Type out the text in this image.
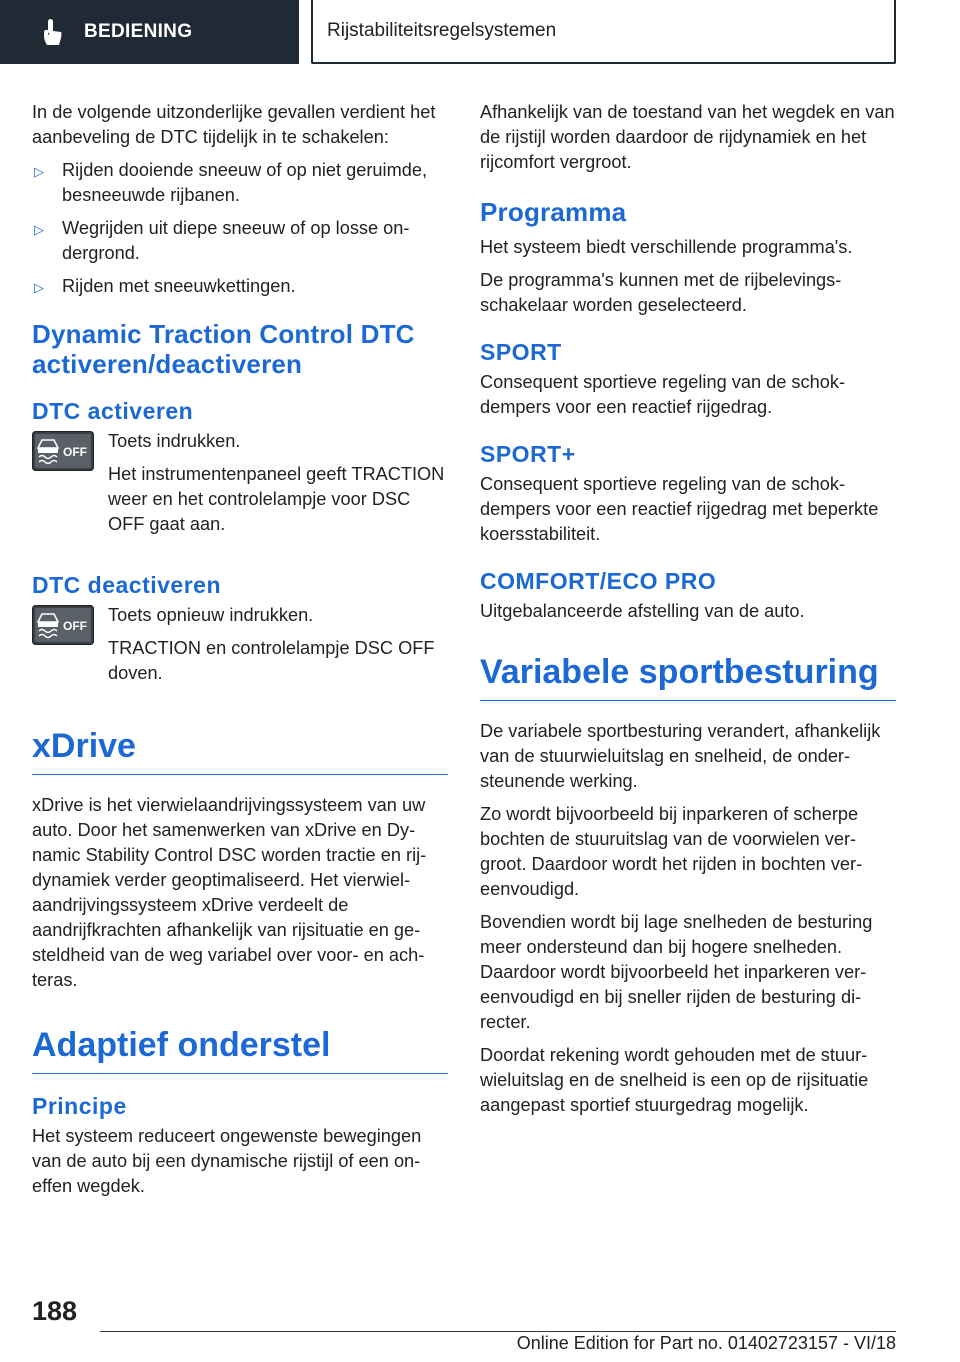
BEDIENING	Rijstabiliteitsregelsystemen

In de volgende uitzonderlijke gevallen verdient het aanbeveling de DTC tijdelijk in te schakelen:

▷ Rijden dooiende sneeuw of op niet geruimde, besneeuwde rijbanen.
▷ Wegrijden uit diepe sneeuw of op losse ondergrond.
▷ Rijden met sneeuwkettingen.
Dynamic Traction Control DTC activeren/deactiveren
DTC activeren
OFF

Toets indrukken.

Het instrumentenpaneel geeft TRACTION weer en het controlelampje voor DSC OFF gaat aan.

DTC deactiveren
OFF

Toets opnieuw indrukken.

TRACTION en controlelampje DSC OFF doven.

xDrive

xDrive is het vierwielaandrijvingssysteem van uw auto. Door het samenwerken van xDrive en Dynamic Stability Control DSC worden tractie en rijdynamiek verder geoptimaliseerd. Het vierwielaandrijvingssysteem xDrive verdeelt de aandrijfkrachten afhankelijk van rijsituatie en gesteldheid van de weg variabel over voor- en achteras.

Adaptief onderstel
Principe

Het systeem reduceert ongewenste bewegingen van de auto bij een dynamische rijstijl of een oneffen wegdek.

Afhankelijk van de toestand van het wegdek en van de rijstijl worden daardoor de rijdynamiek en het rijcomfort vergroot.

Programma

Het systeem biedt verschillende programma's.

De programma's kunnen met de rijbelevingsschakelaar worden geselecteerd.

SPORT

Consequent sportieve regeling van de schokdempers voor een reactief rijgedrag.

SPORT+

Consequent sportieve regeling van de schokdempers voor een reactief rijgedrag met beperkte koersstabiliteit.

COMFORT/ECO PRO

Uitgebalanceerde afstelling van de auto.

Variabele sportbesturing

De variabele sportbesturing verandert, afhankelijk van de stuurwieluitslag en snelheid, de ondersteunende werking.

Zo wordt bijvoorbeeld bij inparkeren of scherpe bochten de stuuruitslag van de voorwielen vergroot. Daardoor wordt het rijden in bochten vereenvoudigd.

Bovendien wordt bij lage snelheden de besturing meer ondersteund dan bij hogere snelheden. Daardoor wordt bijvoorbeeld het inparkeren vereenvoudigd en bij sneller rijden de besturing directer.

Doordat rekening wordt gehouden met de stuurwieluitslag en de snelheid is een op de rijsituatie aangepast sportief stuurgedrag mogelijk.

188
Online Edition for Part no. 01402723157 - VI/18
